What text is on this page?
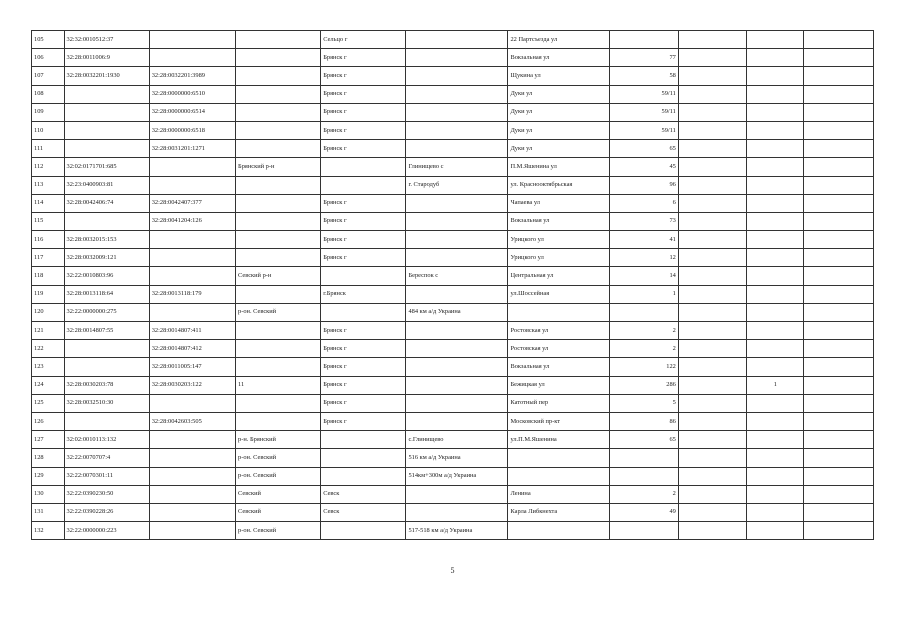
105	32:32:0010512:37			Сельцо г		22 Партсъезда ул				
106	32:28:0011006:9			Брянск г		Вокзальная ул	77			
107	32:28:0032201:1930	32:28:0032201:3989		Брянск г		Щукина ул	58			
108		32:28:0000000:6510		Брянск г		Дуки ул	59/11			
109		32:28:0000000:6514		Брянск г		Дуки ул	59/11			
110		32:28:0000000:6518		Брянск г		Дуки ул	59/11			
111		32:28:0031201:1271		Брянск г		Дуки ул	65			
112	32:02:0171701:685		Брянский р-н		Глинищево с	П.М.Яшенина ул	45			
113	32:23:0400903:81				г. Стародуб	ул. Краснооктябрьская	96			
114	32:28:0042406:74	32:28:0042407:377		Брянск г		Чапаева ул	6			
115		32:28:0041204:126		Брянск г		Вокзальная ул	73			
116	32:28:0032015:153			Брянск г		Урицкого ул	41			
117	32:28:0032009:121			Брянск г		Урицкого ул	12			
118	32:22:0010803:96		Севский р-н		Береспок с	Центральная ул	14			
119	32:28:0013118:64	32:28:0013118:179		г.Брянск		ул.Шоссейная	1			
120	32:22:0000000:275		р-он. Севский		484 км а/д Украина					
121	32:28:0014807:55	32:28:0014807:411		Брянск г		Ростовская ул	2			
122		32:28:0014807:412		Брянск г		Ростовская ул	2			
123		32:28:0011005:147		Брянск г		Вокзальная ул	122			
124	32:28:0030203:78	32:28:0030203:122	11	Брянск г		Бежицкая ул	286		1	
125	32:28:0032510:30			Брянск г		Катотный пер	5			
126		32:28:0042603:505		Брянск г		Московский пр-кт	86			
127	32:02:0010113:132		р-н. Брянский		с.Глинищево	ул.П.М.Яшенина	65			
128	32:22:0070707:4		р-он. Севский		516 км а/д Украина					
129	32:22:0070301:11		р-он. Севский		514км+300м а/д Украина					
130	32:22:0390230:50		Севский	Севск		Ленина	2			
131	32:22:0390228:26		Севский	Севск		Карла Либкнехта	49			
132	32:22:0000000:223		р-он. Севский		517-518 км а/д Украина					
5
